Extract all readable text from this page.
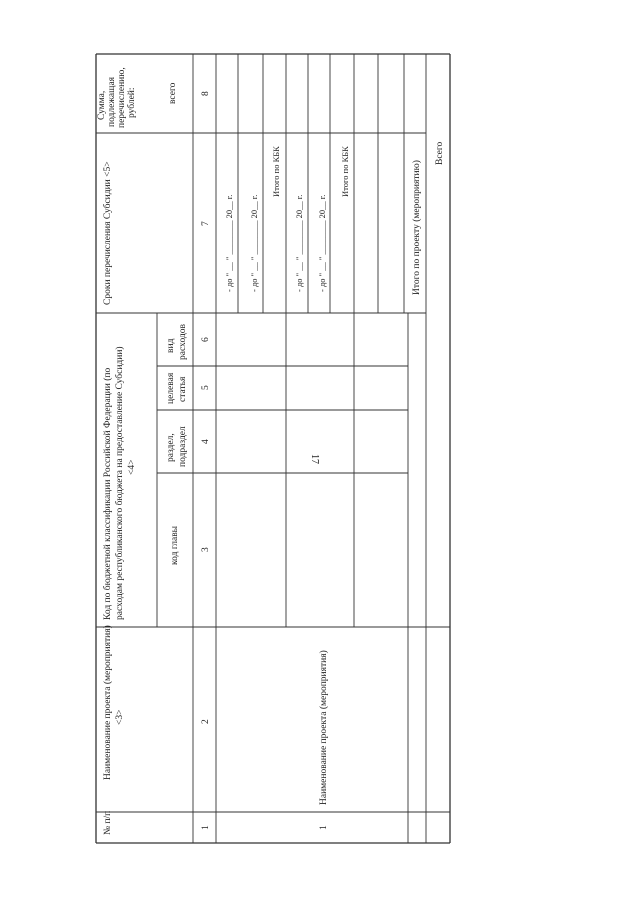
17
№ п/п
Наименование проекта (мероприятия) <3>
Код по бюджетной классификации Российской Федерации (по расходам республиканского бюджета на предоставление Субсидии) <4>
код главы
раздел, подраздел
целевая статья
вид расходов
Сроки перечисления Субсидии <5>
Сумма, подлежащая перечислению, рублей:	всего
1
2
3
4
5
6
7
8
1
Наименование проекта (мероприятия)
- до " __ " ________ 20__ г. - до " __ " ________ 20__ г.
Итого по КБК
- до " __ " ________ 20__ г. - до " __ " ________ 20__ г.
Итого по КБК	Итого по проекту (мероприятию)
Всего
